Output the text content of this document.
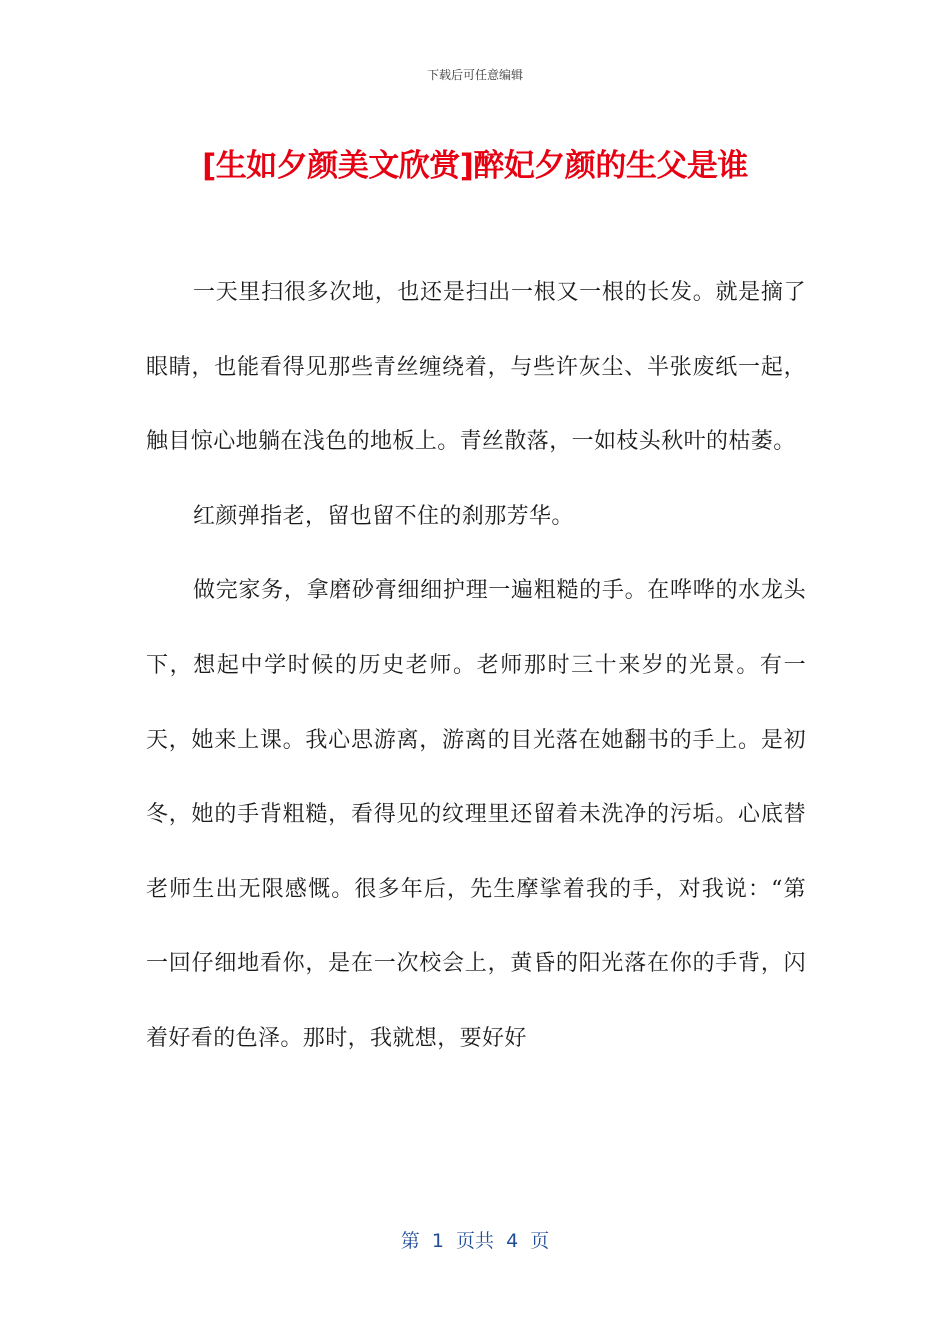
下载后可任意编辑
[生如夕颜美文欣赏]醉妃夕颜的生父是谁

一天里扫很多次地，也还是扫出一根又一根的长发。就是摘了眼睛，也能看得见那些青丝缠绕着，与些许灰尘、半张废纸一起，触目惊心地躺在浅色的地板上。青丝散落，一如枝头秋叶的枯萎。

红颜弹指老，留也留不住的刹那芳华。

做完家务，拿磨砂膏细细护理一遍粗糙的手。在哗哗的水龙头下，想起中学时候的历史老师。老师那时三十来岁的光景。有一天，她来上课。我心思游离，游离的目光落在她翻书的手上。是初冬，她的手背粗糙，看得见的纹理里还留着未洗净的污垢。心底替老师生出无限感慨。很多年后，先生摩挲着我的手，对我说：“第一回仔细地看你，是在一次校会上，黄昏的阳光落在你的手背，闪着好看的色泽。那时，我就想，要好好

第  1  页共  4  页
